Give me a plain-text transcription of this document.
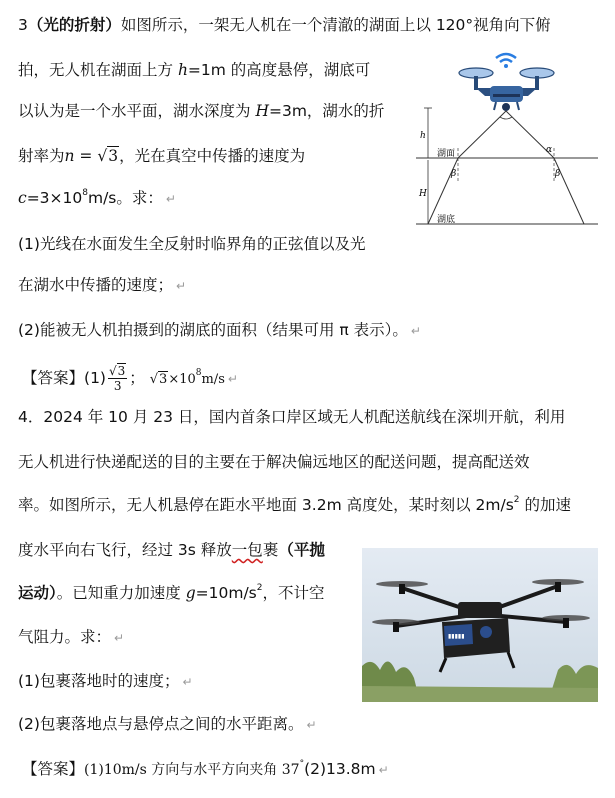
3（光的折射）如图所示，一架无人机在一个清澈的湖面上以 120°视角向下俯
拍，无人机在湖面上方 h=1m 的高度悬停，湖底可
以认为是一个水平面，湖水深度为 H=3m，湖水的折
射率为n = √3，光在真空中传播的速度为
$c=3\times 10^8m/s$。求： ↵
(1)光线在水面发生全反射时临界角的正弦值以及光
在湖水中传播的速度； ↵
(2)能被无人机拍摄到的湖底的面积（结果可用 π 表示）。 ↵
【答案】$(1) \frac{√3}{3}$ ； $√3\times 10^8m/s$ ↵
h
H
湖面
湖底
α
β	β
4．2024 年 10 月 23 日，国内首条口岸区域无人机配送航线在深圳开航，利用
无人机进行快递配送的目的主要在于解决偏远地区的配送问题，提高配送效
率。如图所示，无人机悬停在距水平地面 3.2m 高度处，某时刻以 $2m/s^2$ 的加速
度水平向右飞行，经过 3s 释放一包裹（平抛
运动）。已知重力加速度 $g=10m/s^2$，不计空
气阻力。求： ↵
(1)包裹落地时的速度； ↵
(2)包裹落地点与悬停点之间的水平距离。 ↵
【答案】(1)10m/s 方向与水平方向夹角 37°(2)13.8m ↵
▮▮▮▮▮
